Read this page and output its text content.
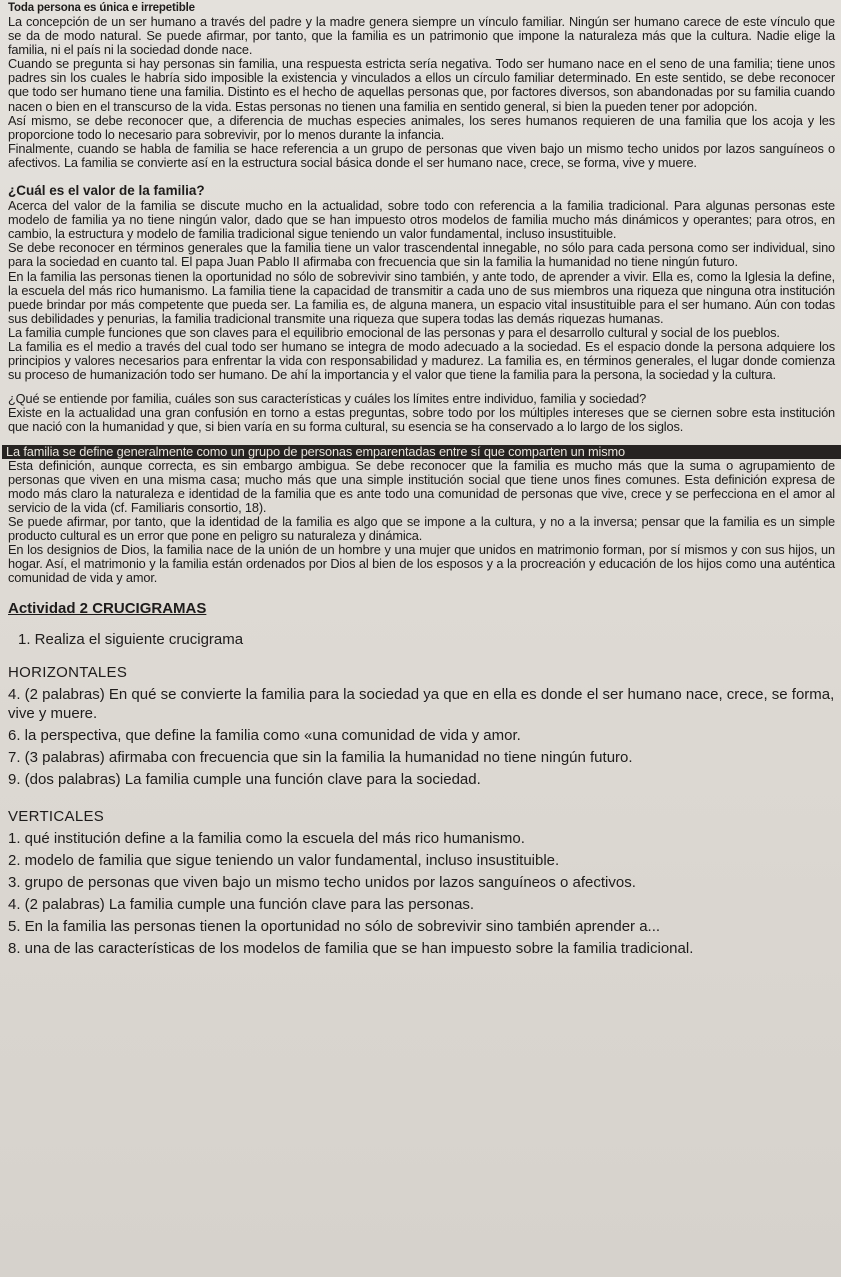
Toda persona es única e irrepetible

La concepción de un ser humano a través del padre y la madre genera siempre un vínculo familiar. Ningún ser humano carece de este vínculo que se da de modo natural. Se puede afirmar, por tanto, que la familia es un patrimonio que impone la naturaleza más que la cultura. Nadie elige la familia, ni el país ni la sociedad donde nace.

Cuando se pregunta si hay personas sin familia, una respuesta estricta sería negativa. Todo ser humano nace en el seno de una familia; tiene unos padres sin los cuales le habría sido imposible la existencia y vinculados a ellos un círculo familiar determinado. En este sentido, se debe reconocer que todo ser humano tiene una familia. Distinto es el hecho de aquellas personas que, por factores diversos, son abandonadas por su familia cuando nacen o bien en el transcurso de la vida. Estas personas no tienen una familia en sentido general, si bien la pueden tener por adopción.

Así mismo, se debe reconocer que, a diferencia de muchas especies animales, los seres humanos requieren de una familia que los acoja y les proporcione todo lo necesario para sobrevivir, por lo menos durante la infancia.

Finalmente, cuando se habla de familia se hace referencia a un grupo de personas que viven bajo un mismo techo unidos por lazos sanguíneos o afectivos. La familia se convierte así en la estructura social básica donde el ser humano nace, crece, se forma, vive y muere.

¿Cuál es el valor de la familia?

Acerca del valor de la familia se discute mucho en la actualidad, sobre todo con referencia a la familia tradicional. Para algunas personas este modelo de familia ya no tiene ningún valor, dado que se han impuesto otros modelos de familia mucho más dinámicos y operantes; para otros, en cambio, la estructura y modelo de familia tradicional sigue teniendo un valor fundamental, incluso insustituible.

Se debe reconocer en términos generales que la familia tiene un valor trascendental innegable, no sólo para cada persona como ser individual, sino para la sociedad en cuanto tal. El papa Juan Pablo II afirmaba con frecuencia que sin la familia la humanidad no tiene ningún futuro.

En la familia las personas tienen la oportunidad no sólo de sobrevivir sino también, y ante todo, de aprender a vivir. Ella es, como la Iglesia la define, la escuela del más rico humanismo. La familia tiene la capacidad de transmitir a cada uno de sus miembros una riqueza que ninguna otra institución puede brindar por más competente que pueda ser. La familia es, de alguna manera, un espacio vital insustituible para el ser humano. Aún con todas sus debilidades y penurias, la familia tradicional transmite una riqueza que supera todas las demás riquezas humanas.

La familia cumple funciones que son claves para el equilibrio emocional de las personas y para el desarrollo cultural y social de los pueblos.

La familia es el medio a través del cual todo ser humano se integra de modo adecuado a la sociedad. Es el espacio donde la persona adquiere los principios y valores necesarios para enfrentar la vida con responsabilidad y madurez. La familia es, en términos generales, el lugar donde comienza su proceso de humanización todo ser humano. De ahí la importancia y el valor que tiene la familia para la persona, la sociedad y la cultura.

¿Qué se entiende por familia, cuáles son sus características y cuáles los límites entre individuo, familia y sociedad?

Existe en la actualidad una gran confusión en torno a estas preguntas, sobre todo por los múltiples intereses que se ciernen sobre esta institución que nació con la humanidad y que, si bien varía en su forma cultural, su esencia se ha conservado a lo largo de los siglos.

La familia se define generalmente como un grupo de personas emparentadas entre sí que comparten un mismo

Esta definición, aunque correcta, es sin embargo ambigua. Se debe reconocer que la familia es mucho más que la suma o agrupamiento de personas que viven en una misma casa; mucho más que una simple institución social que tiene unos fines comunes. Esta definición expresa de modo más claro la naturaleza e identidad de la familia que es ante todo una comunidad de personas que vive, crece y se perfecciona en el amor al servicio de la vida (cf. Familiaris consortio, 18).

Se puede afirmar, por tanto, que la identidad de la familia es algo que se impone a la cultura, y no a la inversa; pensar que la familia es un simple producto cultural es un error que pone en peligro su naturaleza y dinámica.

En los designios de Dios, la familia nace de la unión de un hombre y una mujer que unidos en matrimonio forman, por sí mismos y con sus hijos, un hogar. Así, el matrimonio y la familia están ordenados por Dios al bien de los esposos y a la procreación y educación de los hijos como una auténtica comunidad de vida y amor.

Actividad 2 CRUCIGRAMAS

1. Realiza el siguiente crucigrama

HORIZONTALES

4. (2 palabras) En qué se convierte la familia para la sociedad ya que en ella es donde el ser humano nace, crece, se forma, vive y muere.

6. la perspectiva, que define la familia como «una comunidad de vida y amor.

7. (3 palabras) afirmaba con frecuencia que sin la familia la humanidad no tiene ningún futuro.

9. (dos palabras) La familia cumple una función clave para la sociedad.

VERTICALES

1. qué institución define a la familia como la escuela del más rico humanismo.

2. modelo de familia que sigue teniendo un valor fundamental, incluso insustituible.

3. grupo de personas que viven bajo un mismo techo unidos por lazos sanguíneos o afectivos.

4. (2 palabras) La familia cumple una función clave para las personas.

5. En la familia las personas tienen la oportunidad no sólo de sobrevivir sino también aprender a...

8. una de las características de los modelos de familia que se han impuesto sobre la familia tradicional.
